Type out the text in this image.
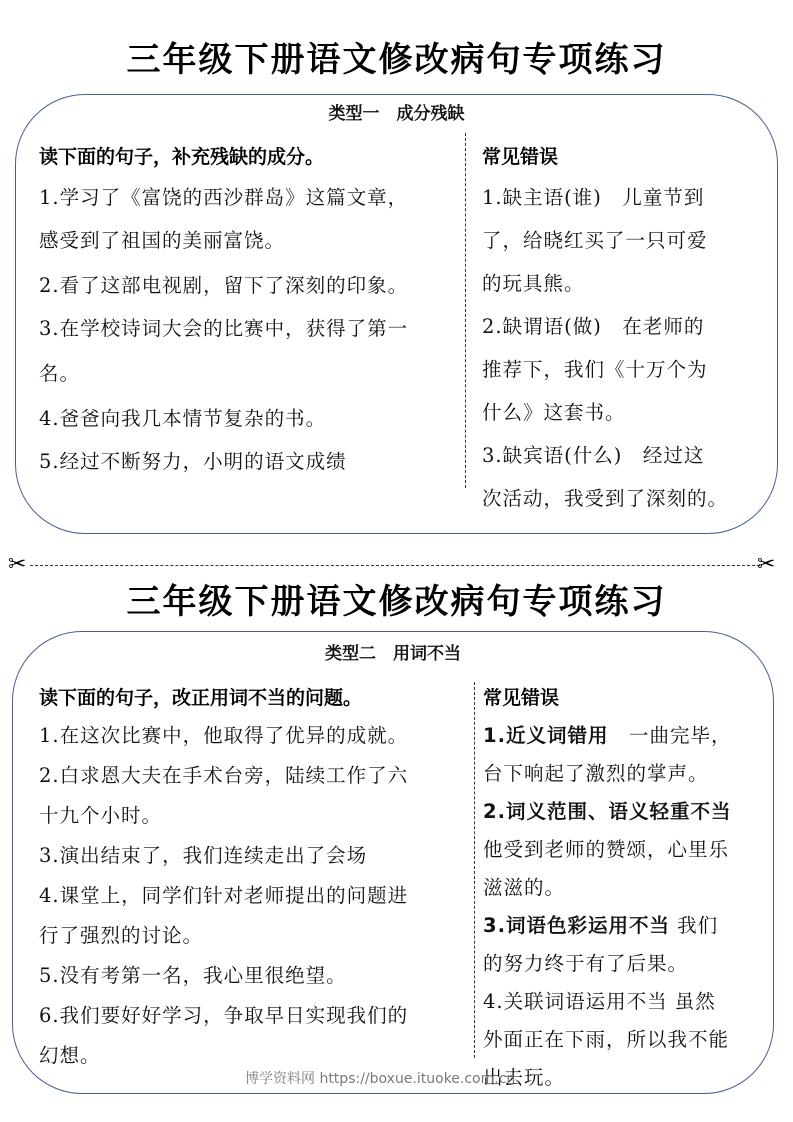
三年级下册语文修改病句专项练习
类型一　成分残缺
读下面的句子，补充残缺的成分。
1.学习了《富饶的西沙群岛》这篇文章，
感受到了祖国的美丽富饶。
2.看了这部电视剧，留下了深刻的印象。
3.在学校诗词大会的比赛中，获得了第一
名。
4.爸爸向我几本情节复杂的书。
5.经过不断努力，小明的语文成绩
常见错误
1.缺主语(谁)　儿童节到
了，给晓红买了一只可爱
的玩具熊。
2.缺谓语(做)　在老师的
推荐下，我们《十万个为
什么》这套书。
3.缺宾语(什么)　经过这
次活动，我受到了深刻的。
✂	✂
三年级下册语文修改病句专项练习
类型二　用词不当
读下面的句子，改正用词不当的问题。
1.在这次比赛中，他取得了优异的成就。
2.白求恩大夫在手术台旁，陆续工作了六
十九个小时。
3.演出结束了，我们连续走出了会场
4.课堂上，同学们针对老师提出的问题进
行了强烈的讨论。
5.没有考第一名，我心里很绝望。
6.我们要好好学习，争取早日实现我们的
幻想。
常见错误
1.近义词错用　一曲完毕，
台下响起了激烈的掌声。
2.词义范围、语义轻重不当
他受到老师的赞颂，心里乐
滋滋的。
3.词语色彩运用不当 我们
的努力终于有了后果。
4.关联词语运用不当 虽然
外面正在下雨，所以我不能
出去玩。
博学资料网 https://boxue.ituoke.com.cn
